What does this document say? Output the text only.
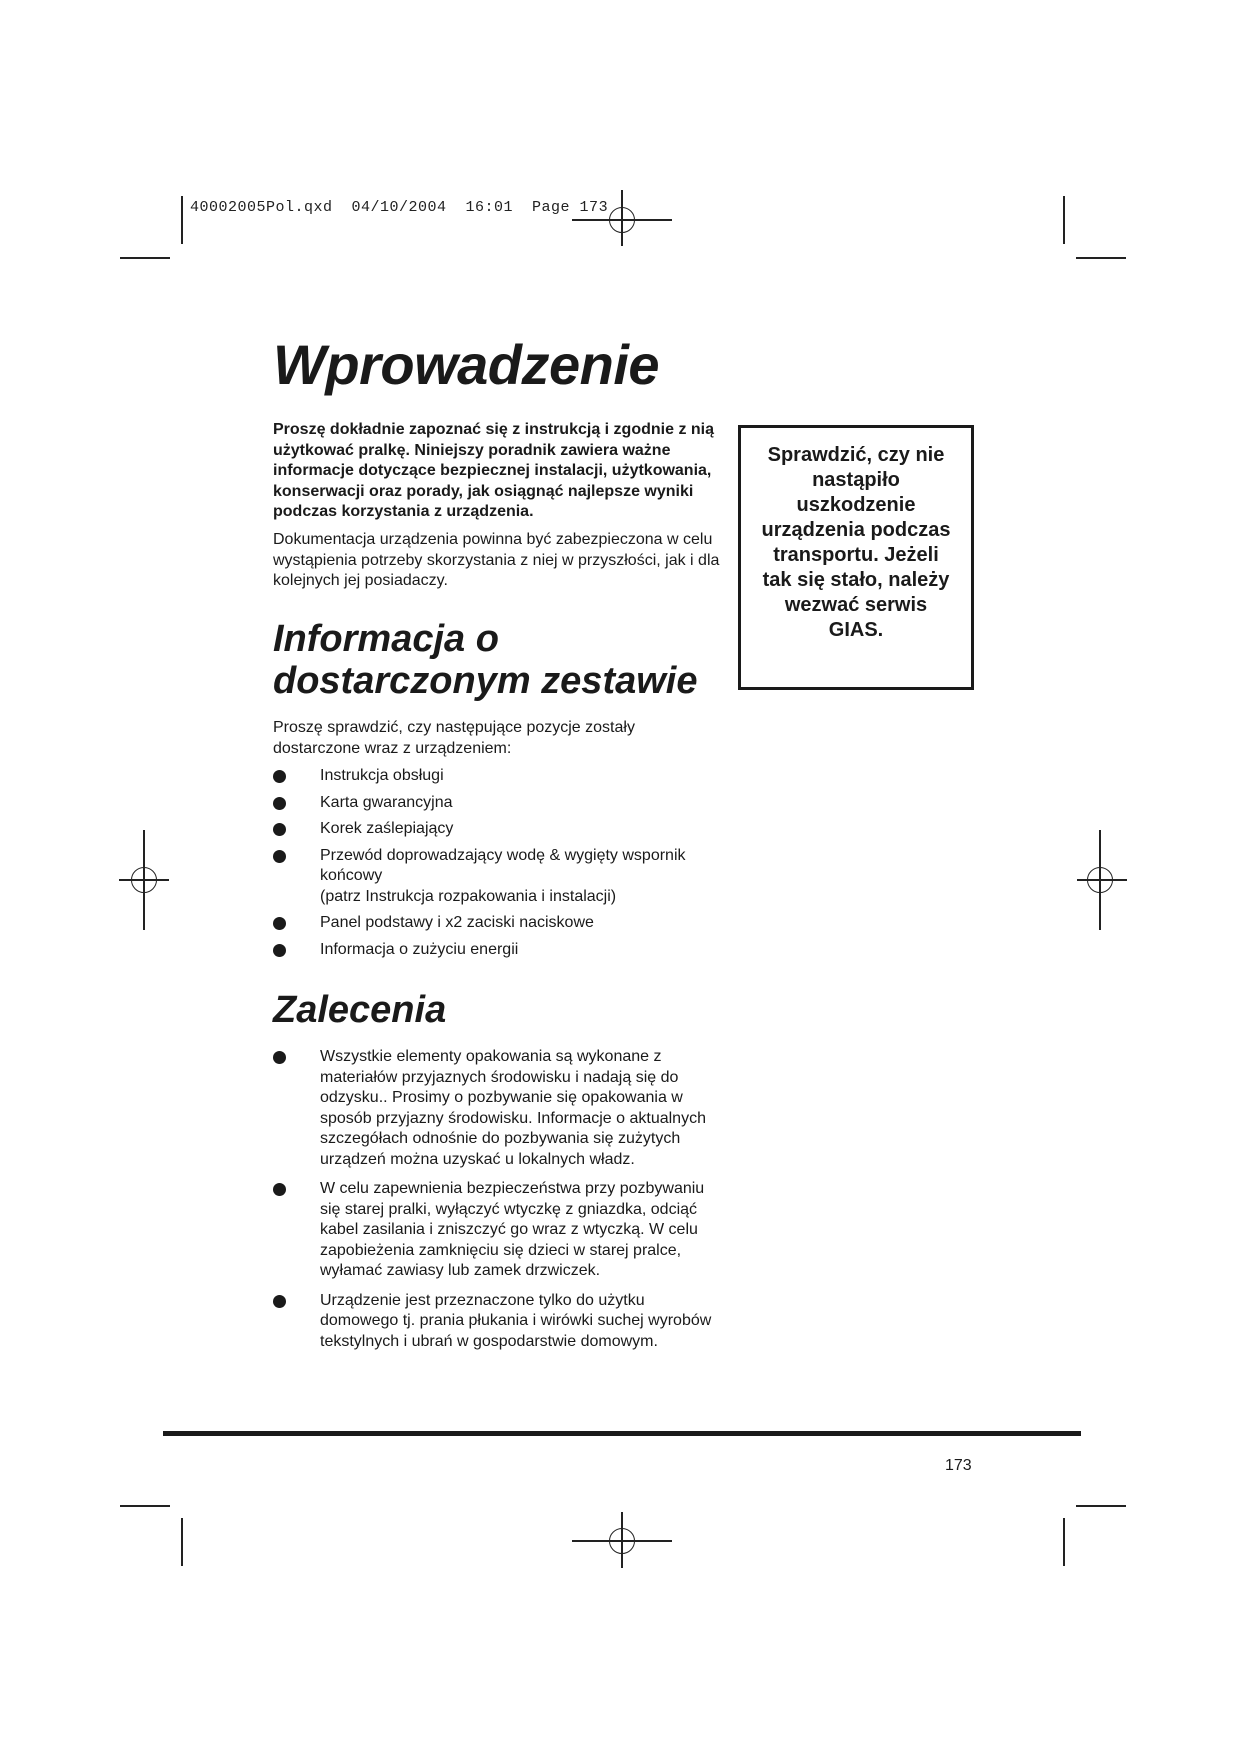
40002005Pol.qxd  04/10/2004  16:01  Page 173
Wprowadzenie

Proszę dokładnie zapoznać się z instrukcją i zgodnie z nią użytkować pralkę. Niniejszy poradnik zawiera ważne informacje dotyczące bezpiecznej instalacji, użytkowania, konserwacji oraz porady, jak osiągnąć najlepsze wyniki podczas korzystania z urządzenia.

Dokumentacja urządzenia powinna być zabezpieczona w celu wystąpienia potrzeby skorzystania z niej w przyszłości, jak i dla kolejnych jej posiadaczy.

Sprawdzić, czy nie nastąpiło uszkodzenie urządzenia podczas transportu. Jeżeli tak się stało, należy wezwać serwis GIAS.

Informacja o
dostarczonym zestawie

Proszę sprawdzić, czy następujące pozycje zostały dostarczone wraz z urządzeniem:

Instrukcja obsługi
Karta gwarancyjna
Korek zaślepiający
Przewód doprowadzający wodę & wygięty wspornik końcowy
(patrz Instrukcja rozpakowania i instalacji)
Panel podstawy i x2 zaciski naciskowe
Informacja o zużyciu energii
Zalecenia
Wszystkie elementy opakowania są wykonane z materiałów przyjaznych środowisku i nadają się do odzysku.. Prosimy o pozbywanie się opakowania w sposób przyjazny środowisku. Informacje o aktualnych szczegółach odnośnie do pozbywania się zużytych urządzeń można uzyskać u lokalnych władz.
W celu zapewnienia bezpieczeństwa przy pozbywaniu się starej pralki, wyłączyć wtyczkę z gniazdka, odciąć kabel zasilania i zniszczyć go wraz z wtyczką. W celu zapobieżenia zamknięciu się dzieci w starej pralce, wyłamać zawiasy lub zamek drzwiczek.
Urządzenie jest przeznaczone tylko do użytku domowego tj. prania płukania i wirówki suchej wyrobów tekstylnych i ubrań w gospodarstwie domowym.
173
